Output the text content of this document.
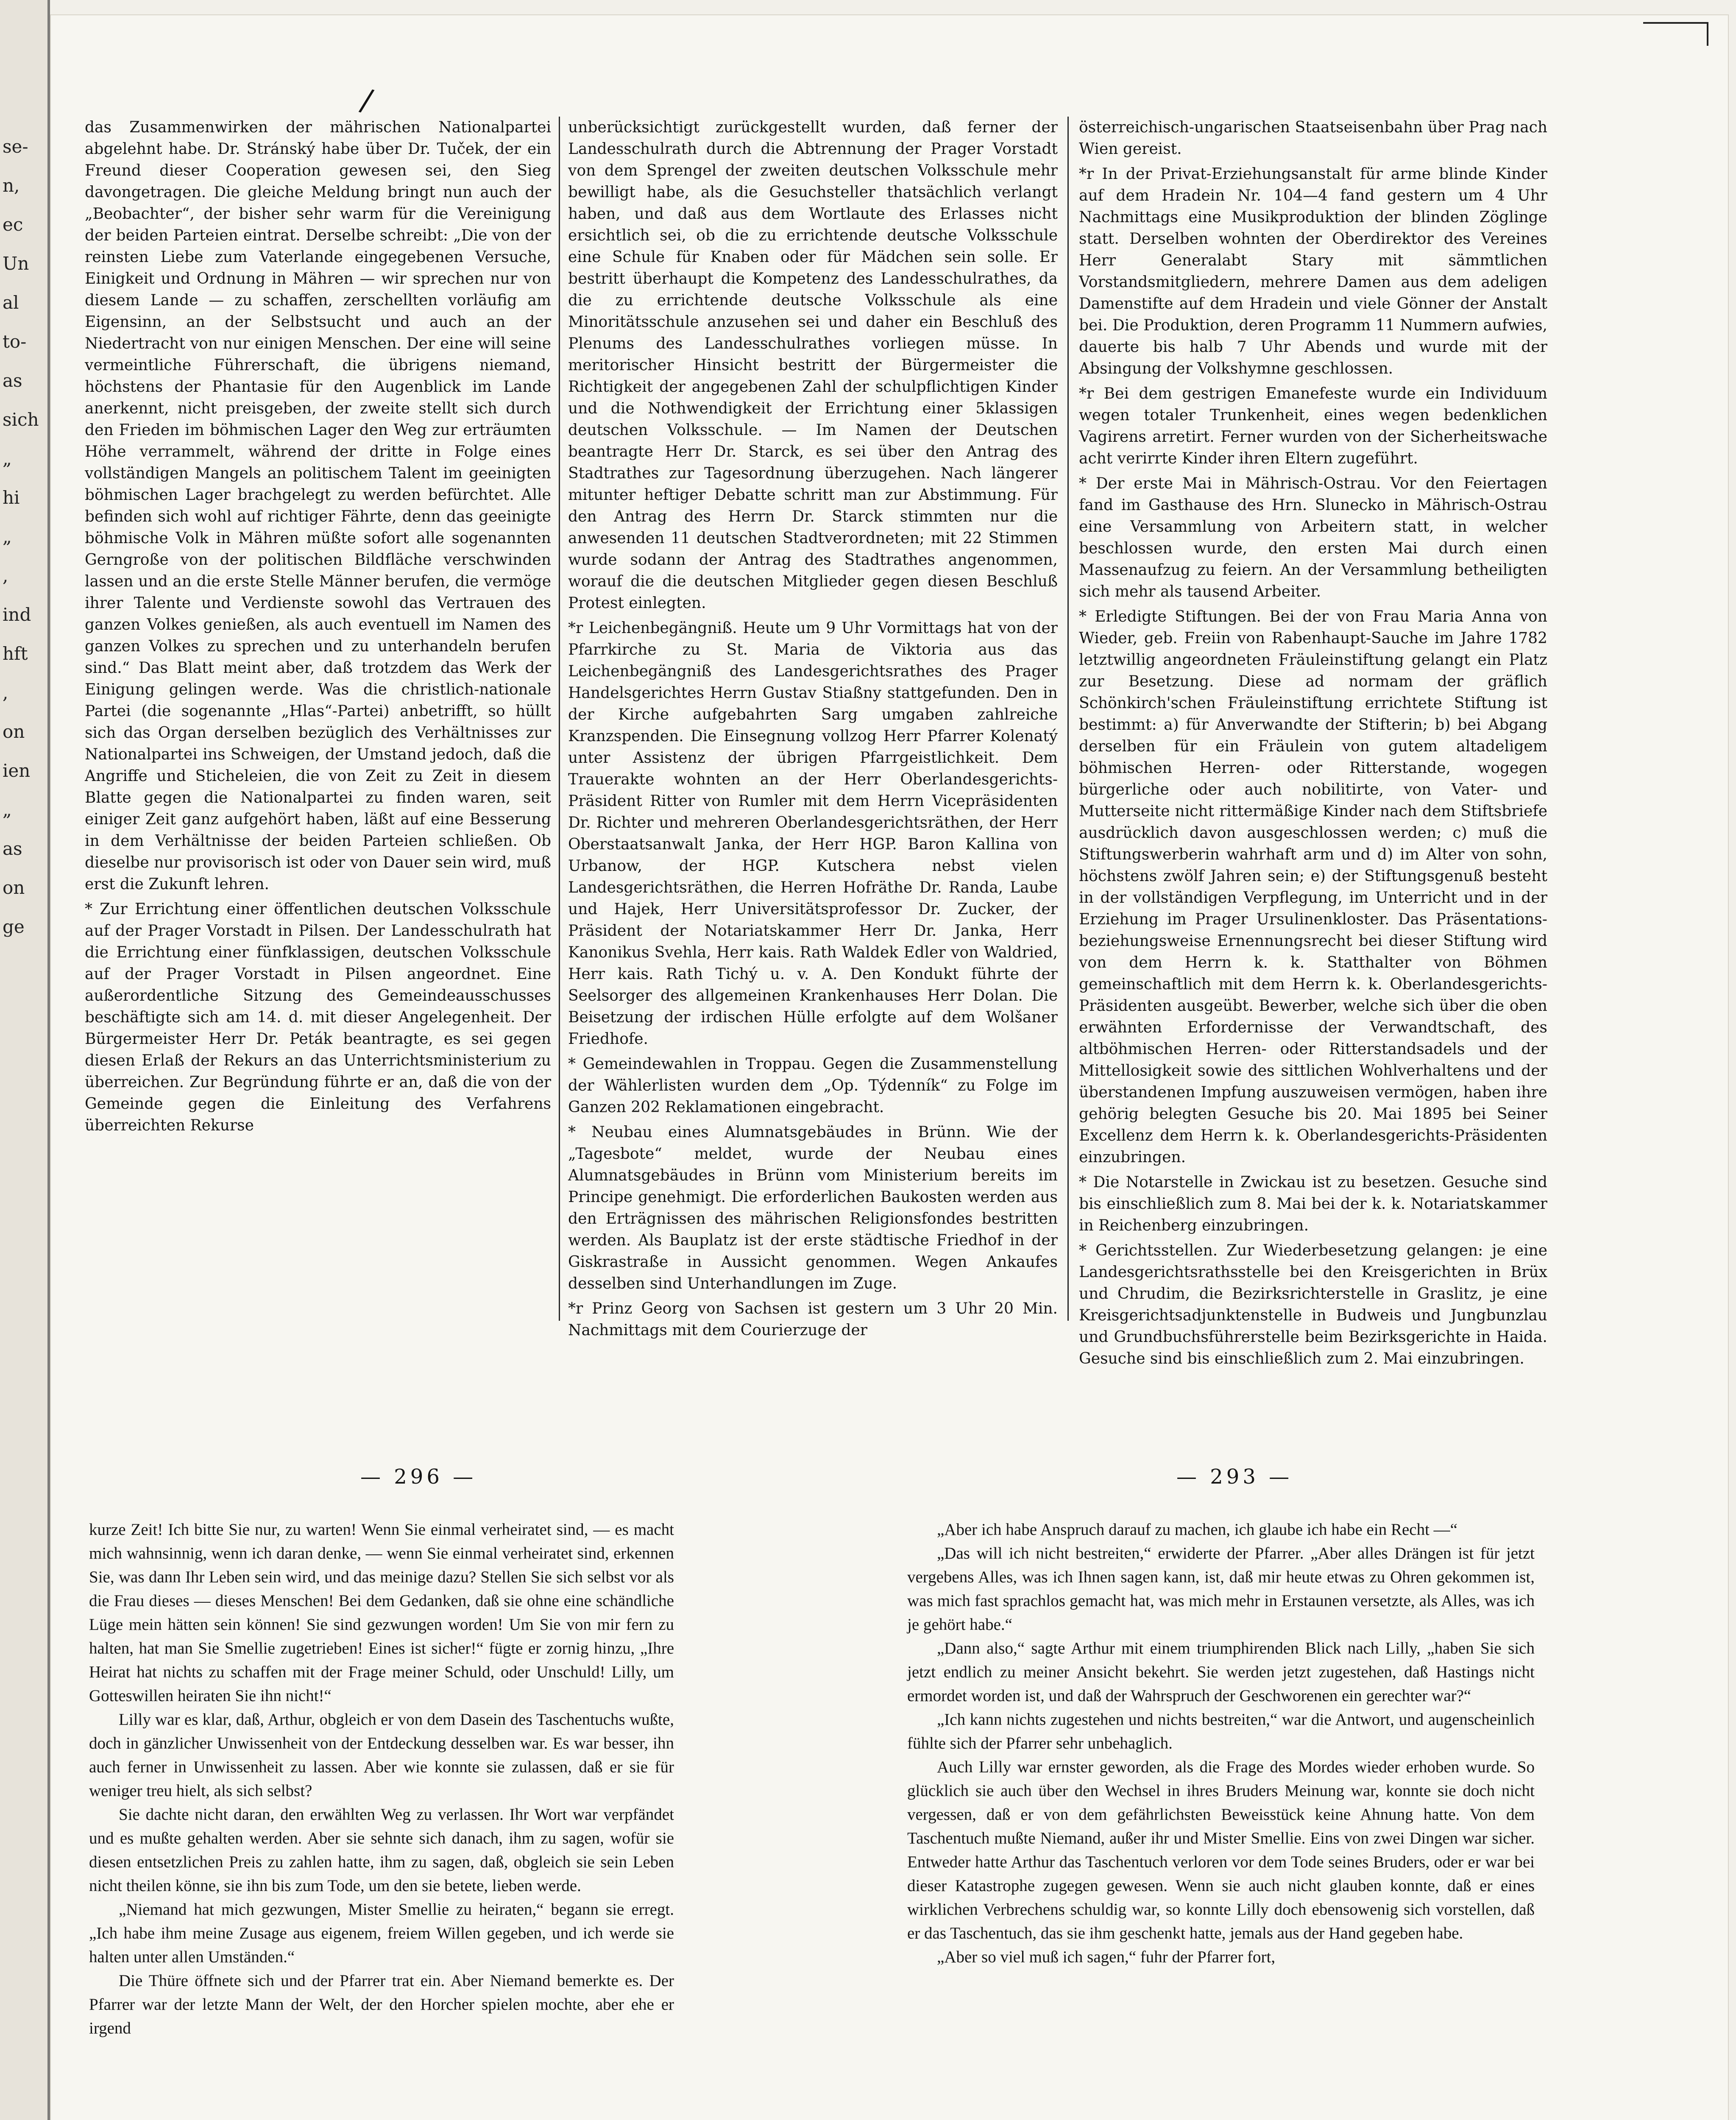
se-
n,
ec
Un
al
to-
as
sich
„
hi
„
,
ind
hft
,
on
ien
„
as
on
ge
/

das Zusammenwirken der mährischen Nationalpartei abgelehnt habe. Dr. Stránský habe über Dr. Tuček, der ein Freund dieser Cooperation gewesen sei, den Sieg davongetragen. Die gleiche Meldung bringt nun auch der „Beobachter“, der bisher sehr warm für die Vereinigung der beiden Parteien eintrat. Derselbe schreibt: „Die von der reinsten Liebe zum Vaterlande eingegebenen Versuche, Einigkeit und Ordnung in Mähren — wir sprechen nur von diesem Lande — zu schaffen, zerschellten vorläufig am Eigensinn, an der Selbstsucht und auch an der Niedertracht von nur einigen Menschen. Der eine will seine vermeintliche Führerschaft, die übrigens niemand, höchstens der Phantasie für den Augenblick im Lande anerkennt, nicht preisgeben, der zweite stellt sich durch den Frieden im böhmischen Lager den Weg zur erträumten Höhe verrammelt, während der dritte in Folge eines vollständigen Mangels an politischem Talent im geeinigten böhmischen Lager brachgelegt zu werden befürchtet. Alle befinden sich wohl auf richtiger Fährte, denn das geeinigte böhmische Volk in Mähren müßte sofort alle sogenannten Gerngroße von der politischen Bildfläche verschwinden lassen und an die erste Stelle Männer berufen, die vermöge ihrer Talente und Verdienste sowohl das Vertrauen des ganzen Volkes genießen, als auch eventuell im Namen des ganzen Volkes zu sprechen und zu unterhandeln berufen sind.“ Das Blatt meint aber, daß trotzdem das Werk der Einigung gelingen werde. Was die christlich-nationale Partei (die sogenannte „Hlas“-Partei) anbetrifft, so hüllt sich das Organ derselben bezüglich des Verhältnisses zur Nationalpartei ins Schweigen, der Umstand jedoch, daß die Angriffe und Sticheleien, die von Zeit zu Zeit in diesem Blatte gegen die Nationalpartei zu finden waren, seit einiger Zeit ganz aufgehört haben, läßt auf eine Besserung in dem Verhältnisse der beiden Parteien schließen. Ob dieselbe nur provisorisch ist oder von Dauer sein wird, muß erst die Zukunft lehren.

* Zur Errichtung einer öffentlichen deutschen Volksschule auf der Prager Vorstadt in Pilsen. Der Landesschulrath hat die Errichtung einer fünfklassigen, deutschen Volksschule auf der Prager Vorstadt in Pilsen angeordnet. Eine außerordentliche Sitzung des Gemeindeausschusses beschäftigte sich am 14. d. mit dieser Angelegenheit. Der Bürgermeister Herr Dr. Peták beantragte, es sei gegen diesen Erlaß der Rekurs an das Unterrichtsministerium zu überreichen. Zur Begründung führte er an, daß die von der Gemeinde gegen die Einleitung des Verfahrens überreichten Rekurse

unberücksichtigt zurückgestellt wurden, daß ferner der Landesschulrath durch die Abtrennung der Prager Vorstadt von dem Sprengel der zweiten deutschen Volksschule mehr bewilligt habe, als die Gesuchsteller thatsächlich verlangt haben, und daß aus dem Wortlaute des Erlasses nicht ersichtlich sei, ob die zu errichtende deutsche Volksschule eine Schule für Knaben oder für Mädchen sein solle. Er bestritt überhaupt die Kompetenz des Landesschulrathes, da die zu errichtende deutsche Volksschule als eine Minoritätsschule anzusehen sei und daher ein Beschluß des Plenums des Landesschulrathes vorliegen müsse. In meritorischer Hinsicht bestritt der Bürgermeister die Richtigkeit der angegebenen Zahl der schulpflichtigen Kinder und die Nothwendigkeit der Errichtung einer 5klassigen deutschen Volksschule. — Im Namen der Deutschen beantragte Herr Dr. Starck, es sei über den Antrag des Stadtrathes zur Tagesordnung überzugehen. Nach längerer mitunter heftiger Debatte schritt man zur Abstimmung. Für den Antrag des Herrn Dr. Starck stimmten nur die anwesenden 11 deutschen Stadtverordneten; mit 22 Stimmen wurde sodann der Antrag des Stadtrathes angenommen, worauf die die deutschen Mitglieder gegen diesen Beschluß Protest einlegten.

*r Leichenbegängniß. Heute um 9 Uhr Vormittags hat von der Pfarrkirche zu St. Maria de Viktoria aus das Leichenbegängniß des Landesgerichtsrathes des Prager Handelsgerichtes Herrn Gustav Stiaßny stattgefunden. Den in der Kirche aufgebahrten Sarg umgaben zahlreiche Kranzspenden. Die Einsegnung vollzog Herr Pfarrer Kolenatý unter Assistenz der übrigen Pfarrgeistlichkeit. Dem Trauerakte wohnten an der Herr Oberlandesgerichts-Präsident Ritter von Rumler mit dem Herrn Vicepräsidenten Dr. Richter und mehreren Oberlandesgerichtsräthen, der Herr Oberstaatsanwalt Janka, der Herr HGP. Baron Kallina von Urbanow, der HGP. Kutschera nebst vielen Landesgerichtsräthen, die Herren Hofräthe Dr. Randa, Laube und Hajek, Herr Universitätsprofessor Dr. Zucker, der Präsident der Notariatskammer Herr Dr. Janka, Herr Kanonikus Svehla, Herr kais. Rath Waldek Edler von Waldried, Herr kais. Rath Tichý u. v. A. Den Kondukt führte der Seelsorger des allgemeinen Krankenhauses Herr Dolan. Die Beisetzung der irdischen Hülle erfolgte auf dem Wolšaner Friedhofe.

* Gemeindewahlen in Troppau. Gegen die Zusammenstellung der Wählerlisten wurden dem „Op. Týdenník“ zu Folge im Ganzen 202 Reklamationen eingebracht.

* Neubau eines Alumnatsgebäudes in Brünn. Wie der „Tagesbote“ meldet, wurde der Neubau eines Alumnatsgebäudes in Brünn vom Ministerium bereits im Principe genehmigt. Die erforderlichen Baukosten werden aus den Erträgnissen des mährischen Religionsfondes bestritten werden. Als Bauplatz ist der erste städtische Friedhof in der Giskrastraße in Aussicht genommen. Wegen Ankaufes desselben sind Unterhandlungen im Zuge.

*r Prinz Georg von Sachsen ist gestern um 3 Uhr 20 Min. Nachmittags mit dem Courierzuge der

österreichisch-ungarischen Staatseisenbahn über Prag nach Wien gereist.

*r In der Privat-Erziehungsanstalt für arme blinde Kinder auf dem Hradein Nr. 104—4 fand gestern um 4 Uhr Nachmittags eine Musikproduktion der blinden Zöglinge statt. Derselben wohnten der Oberdirektor des Vereines Herr Generalabt Stary mit sämmtlichen Vorstandsmitgliedern, mehrere Damen aus dem adeligen Damenstifte auf dem Hradein und viele Gönner der Anstalt bei. Die Produktion, deren Programm 11 Nummern aufwies, dauerte bis halb 7 Uhr Abends und wurde mit der Absingung der Volkshymne geschlossen.

*r Bei dem gestrigen Emanefeste wurde ein Individuum wegen totaler Trunkenheit, eines wegen bedenklichen Vagirens arretirt. Ferner wurden von der Sicherheitswache acht verirrte Kinder ihren Eltern zugeführt.

* Der erste Mai in Mährisch-Ostrau. Vor den Feiertagen fand im Gasthause des Hrn. Sluneckо in Mährisch-Ostrau eine Versammlung von Arbeitern statt, in welcher beschlossen wurde, den ersten Mai durch einen Massenaufzug zu feiern. An der Versammlung betheiligten sich mehr als tausend Arbeiter.

* Erledigte Stiftungen. Bei der von Frau Maria Anna von Wieder, geb. Freiin von Rabenhaupt-Sauche im Jahre 1782 letztwillig angeordneten Fräuleinstiftung gelangt ein Platz zur Besetzung. Diese ad normam der gräflich Schönkirch'schen Fräuleinstiftung errichtete Stiftung ist bestimmt: a) für Anverwandte der Stifterin; b) bei Abgang derselben für ein Fräulein von gutem altadeligem böhmischen Herren- oder Ritterstande, wogegen bürgerliche oder auch nobilitirte, von Vater- und Mutterseite nicht rittermäßige Kinder nach dem Stiftsbriefe ausdrücklich davon ausgeschlossen werden; c) muß die Stiftungswerberin wahrhaft arm und d) im Alter von sohn, höchstens zwölf Jahren sein; e) der Stiftungsgenuß besteht in der vollständigen Verpflegung, im Unterricht und in der Erziehung im Prager Ursulinenkloster. Das Präsentations-beziehungsweise Ernennungsrecht bei dieser Stiftung wird von dem Herrn k. k. Statthalter von Böhmen gemeinschaftlich mit dem Herrn k. k. Oberlandesgerichts-Präsidenten ausgeübt. Bewerber, welche sich über die oben erwähnten Erfordernisse der Verwandtschaft, des altböhmischen Herren- oder Ritterstandsadels und der Mittellosigkeit sowie des sittlichen Wohlverhaltens und der überstandenen Impfung auszuweisen vermögen, haben ihre gehörig belegten Gesuche bis 20. Mai 1895 bei Seiner Excellenz dem Herrn k. k. Oberlandesgerichts-Präsidenten einzubringen.

* Die Notarstelle in Zwickau ist zu besetzen. Gesuche sind bis einschließlich zum 8. Mai bei der k. k. Notariatskammer in Reichenberg einzubringen.

* Gerichtsstellen. Zur Wiederbesetzung gelangen: je eine Landesgerichtsrathsstelle bei den Kreisgerichten in Brüx und Chrudim, die Bezirksrichterstelle in Graslitz, je eine Kreisgerichtsadjunktenstelle in Budweis und Jungbunzlau und Grundbuchsführerstelle beim Bezirksgerichte in Haida. Gesuche sind bis einschließlich zum 2. Mai einzubringen.

— 296 —	— 293 —

kurze Zeit! Ich bitte Sie nur, zu warten! Wenn Sie einmal verheiratet sind, — es macht mich wahnsinnig, wenn ich daran denke, — wenn Sie einmal verheiratet sind, erkennen Sie, was dann Ihr Leben sein wird, und das meinige dazu? Stellen Sie sich selbst vor als die Frau dieses — dieses Menschen! Bei dem Gedanken, daß sie ohne eine schändliche Lüge mein hätten sein können! Sie sind gezwungen worden! Um Sie von mir fern zu halten, hat man Sie Smellie zugetrieben! Eines ist sicher!“ fügte er zornig hinzu, „Ihre Heirat hat nichts zu schaffen mit der Frage meiner Schuld, oder Unschuld! Lilly, um Gotteswillen heiraten Sie ihn nicht!“

Lilly war es klar, daß, Arthur, obgleich er von dem Dasein des Taschentuchs wußte, doch in gänzlicher Unwissenheit von der Entdeckung desselben war. Es war besser, ihn auch ferner in Unwissenheit zu lassen. Aber wie konnte sie zulassen, daß er sie für weniger treu hielt, als sich selbst?

Sie dachte nicht daran, den erwählten Weg zu verlassen. Ihr Wort war verpfändet und es mußte gehalten werden. Aber sie sehnte sich danach, ihm zu sagen, wofür sie diesen entsetzlichen Preis zu zahlen hatte, ihm zu sagen, daß, obgleich sie sein Leben nicht theilen könne, sie ihn bis zum Tode, um den sie betete, lieben werde.

„Niemand hat mich gezwungen, Mister Smellie zu heiraten,“ begann sie erregt. „Ich habe ihm meine Zusage aus eigenem, freiem Willen gegeben, und ich werde sie halten unter allen Umständen.“

Die Thüre öffnete sich und der Pfarrer trat ein. Aber Niemand bemerkte es. Der Pfarrer war der letzte Mann der Welt, der den Horcher spielen mochte, aber ehe er irgend

„Aber ich habe Anspruch darauf zu machen, ich glaube ich habe ein Recht —“

„Das will ich nicht bestreiten,“ erwiderte der Pfarrer. „Aber alles Drängen ist für jetzt vergebens Alles, was ich Ihnen sagen kann, ist, daß mir heute etwas zu Ohren gekommen ist, was mich fast sprachlos gemacht hat, was mich mehr in Erstaunen versetzte, als Alles, was ich je gehört habe.“

„Dann also,“ sagte Arthur mit einem triumphirenden Blick nach Lilly, „haben Sie sich jetzt endlich zu meiner Ansicht bekehrt. Sie werden jetzt zugestehen, daß Hastings nicht ermordet worden ist, und daß der Wahrspruch der Geschworenen ein gerechter war?“

„Ich kann nichts zugestehen und nichts bestreiten,“ war die Antwort, und augenscheinlich fühlte sich der Pfarrer sehr unbehaglich.

Auch Lilly war ernster geworden, als die Frage des Mordes wieder erhoben wurde. So glücklich sie auch über den Wechsel in ihres Bruders Meinung war, konnte sie doch nicht vergessen, daß er von dem gefährlichsten Beweisstück keine Ahnung hatte. Von dem Taschentuch mußte Niemand, außer ihr und Mister Smellie. Eins von zwei Dingen war sicher. Entweder hatte Arthur das Taschentuch verloren vor dem Tode seines Bruders, oder er war bei dieser Katastrophe zugegen gewesen. Wenn sie auch nicht glauben konnte, daß er eines wirklichen Verbrechens schuldig war, so konnte Lilly doch ebensowenig sich vorstellen, daß er das Taschentuch, das sie ihm geschenkt hatte, jemals aus der Hand gegeben habe.

„Aber so viel muß ich sagen,“ fuhr der Pfarrer fort,
